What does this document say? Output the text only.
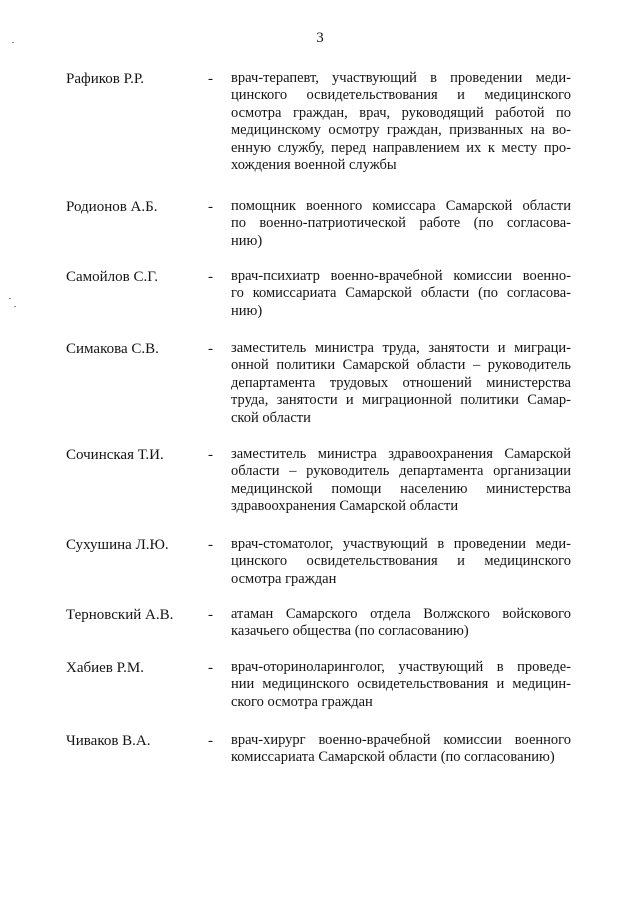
3
Рафиков Р.Р.	- врач-терапевт, участвующий в проведении меди-
цинского освидетельствования и медицинского
осмотра граждан, врач, руководящий работой по
медицинскому осмотру граждан, призванных на во-
енную службу, перед направлением их к месту про-
хождения военной службы
Родионов А.Б.	- помощник военного комиссара Самарской области
по военно-патриотической работе (по согласова-
нию)
Самойлов С.Г.	- врач-психиатр военно-врачебной комиссии военно-
го комиссариата Самарской области (по согласова-
нию)
Симакова С.В.	- заместитель министра труда, занятости и миграци-
онной политики Самарской области – руководитель
департамента трудовых отношений министерства
труда, занятости и миграционной политики Самар-
ской области
Сочинская Т.И.	- заместитель министра здравоохранения Самарской
области – руководитель департамента организации
медицинской помощи населению министерства
здравоохранения Самарской области
Сухушина Л.Ю.	- врач-стоматолог, участвующий в проведении меди-
цинского освидетельствования и медицинского
осмотра граждан
Терновский А.В. - атаман Самарского отдела Волжского войскового
казачьего общества (по согласованию)
Хабиев Р.М.	- врач-оториноларинголог, участвующий в проведе-
нии медицинского освидетельствования и медицин-
ского осмотра граждан
Чиваков В.А.	- врач-хирург военно-врачебной комиссии военного
комиссариата Самарской области (по согласованию)
